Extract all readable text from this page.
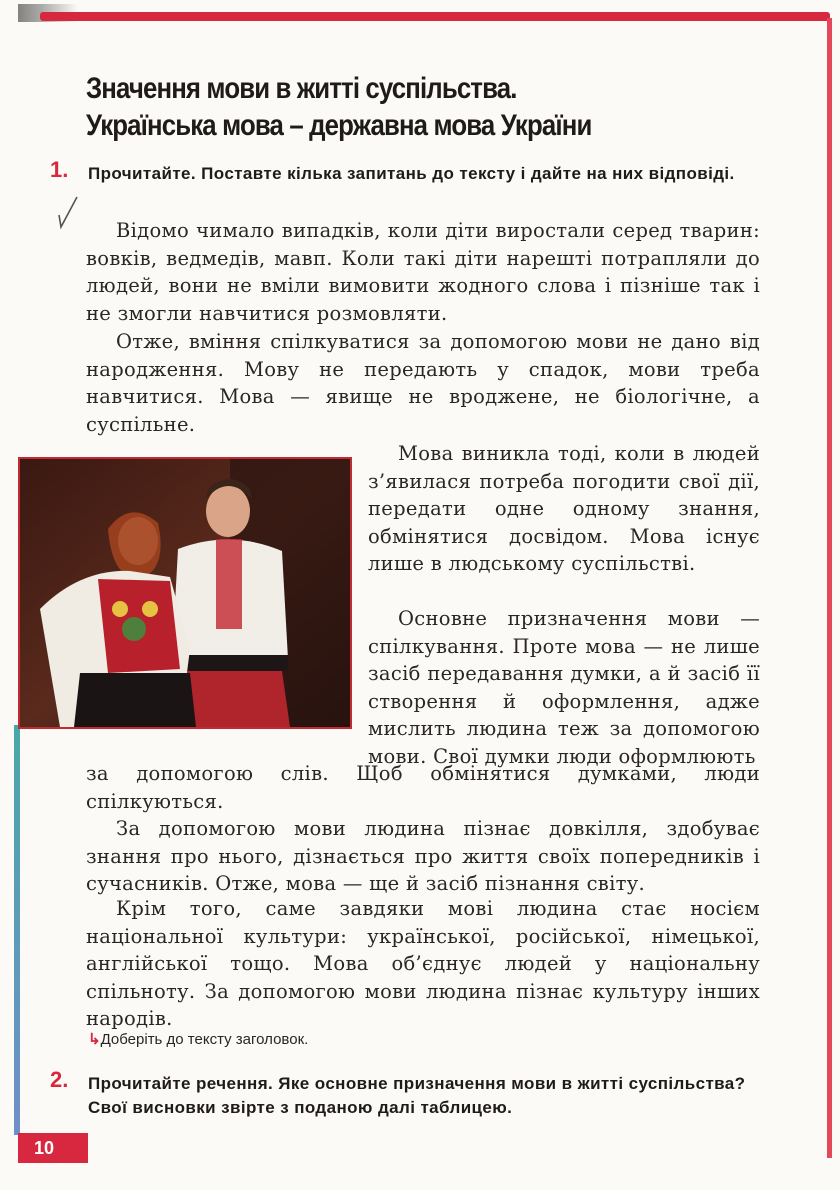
Значення мови в житті суспільства.
Українська мова – державна мова України
1. Прочитайте. Поставте кілька запитань до тексту і дайте на них відповіді.
Відомо чимало випадків, коли діти виростали серед тварин: вовків, ведмедів, мавп. Коли такі діти нарешті потрапляли до людей, вони не вміли вимовити жодного слова і пізніше так і не змогли навчитися розмовляти.
Отже, вміння спілкуватися за допомогою мови не дано від народження. Мову не передають у спадок, мови треба навчитися. Мова — явище не вроджене, не біологічне, а суспільне.
Мова виникла тоді, коли в людей з’явилася потреба погодити свої дії, передати одне одному знання, обмінятися досвідом. Мова існує лише в людському суспільстві.
Основне призначення мови — спілкування. Проте мова — не лише засіб передавання думки, а й засіб її створення й оформлення, адже мислить людина теж за допомогою мови. Свої думки люди оформлюють
за допомогою слів. Щоб обмінятися думками, люди спілкуються.
За допомогою мови людина пізнає довкілля, здобуває знання про нього, дізнається про життя своїх попередників і сучасників. Отже, мова — ще й засіб пізнання світу.
Крім того, саме завдяки мові людина стає носієм національної культури: української, російської, німецької, англійської тощо. Мова об’єднує людей у національну спільноту. За допомогою мови людина пізнає культуру інших народів.
↳Доберіть до тексту заголовок.
2. Прочитайте речення. Яке основне призначення мови в житті суспільства? Свої висновки звірте з поданою далі таблицею.
10
